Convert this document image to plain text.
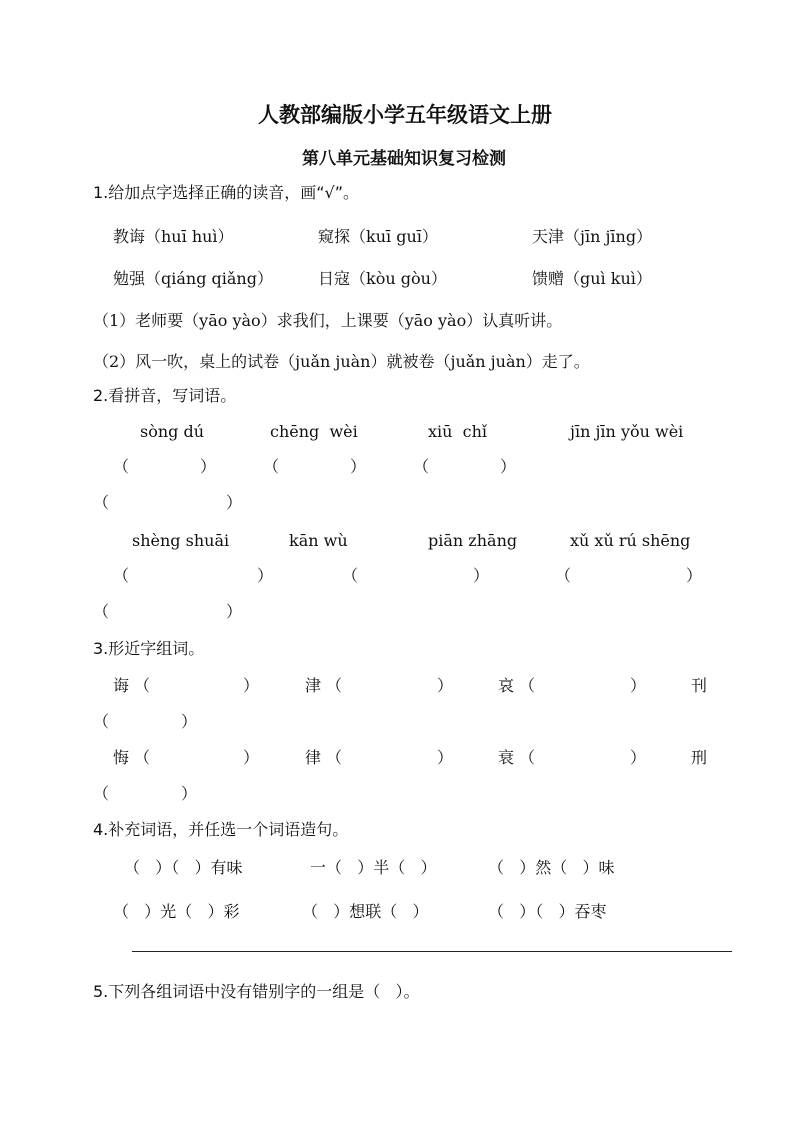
人教部编版小学五年级语文上册
第八单元基础知识复习检测
1.给加点字选择正确的读音，画“√”。
教诲（huī huì）	窥探（kuī guī）	天津（jīn jīng）
勉强（qiáng qiǎng）	日寇（kòu gòu）	馈赠（guì kuì）
（1）老师要（yāo yào）求我们，上课要（yāo yào）认真听讲。
（2）风一吹，桌上的试卷（juǎn juàn）就被卷（juǎn juàn）走了。
2.看拼音，写词语。
sòng dú	chēng  wèi	xiū  chǐ	jīn jīn yǒu wèi
（	）	（	）	（	）
（	）
shèng shuāi	kān wù	piān zhāng	xǔ xǔ rú shēng
（	）	（	）	（	）
（	）
3.形近字组词。
诲 （	）	津 （	）	哀 （	）	刊
（	）
悔 （	）	律 （	）	衰 （	）	刑
（	）
4.补充词语，并任选一个词语造句。
（   ）（   ）有味	一（   ）半（   ）	（   ）然（   ）味
（   ）光（   ）彩	（   ）想联（   ）	（   ）（   ）吞枣
5.下列各组词语中没有错别字的一组是（   ）。
